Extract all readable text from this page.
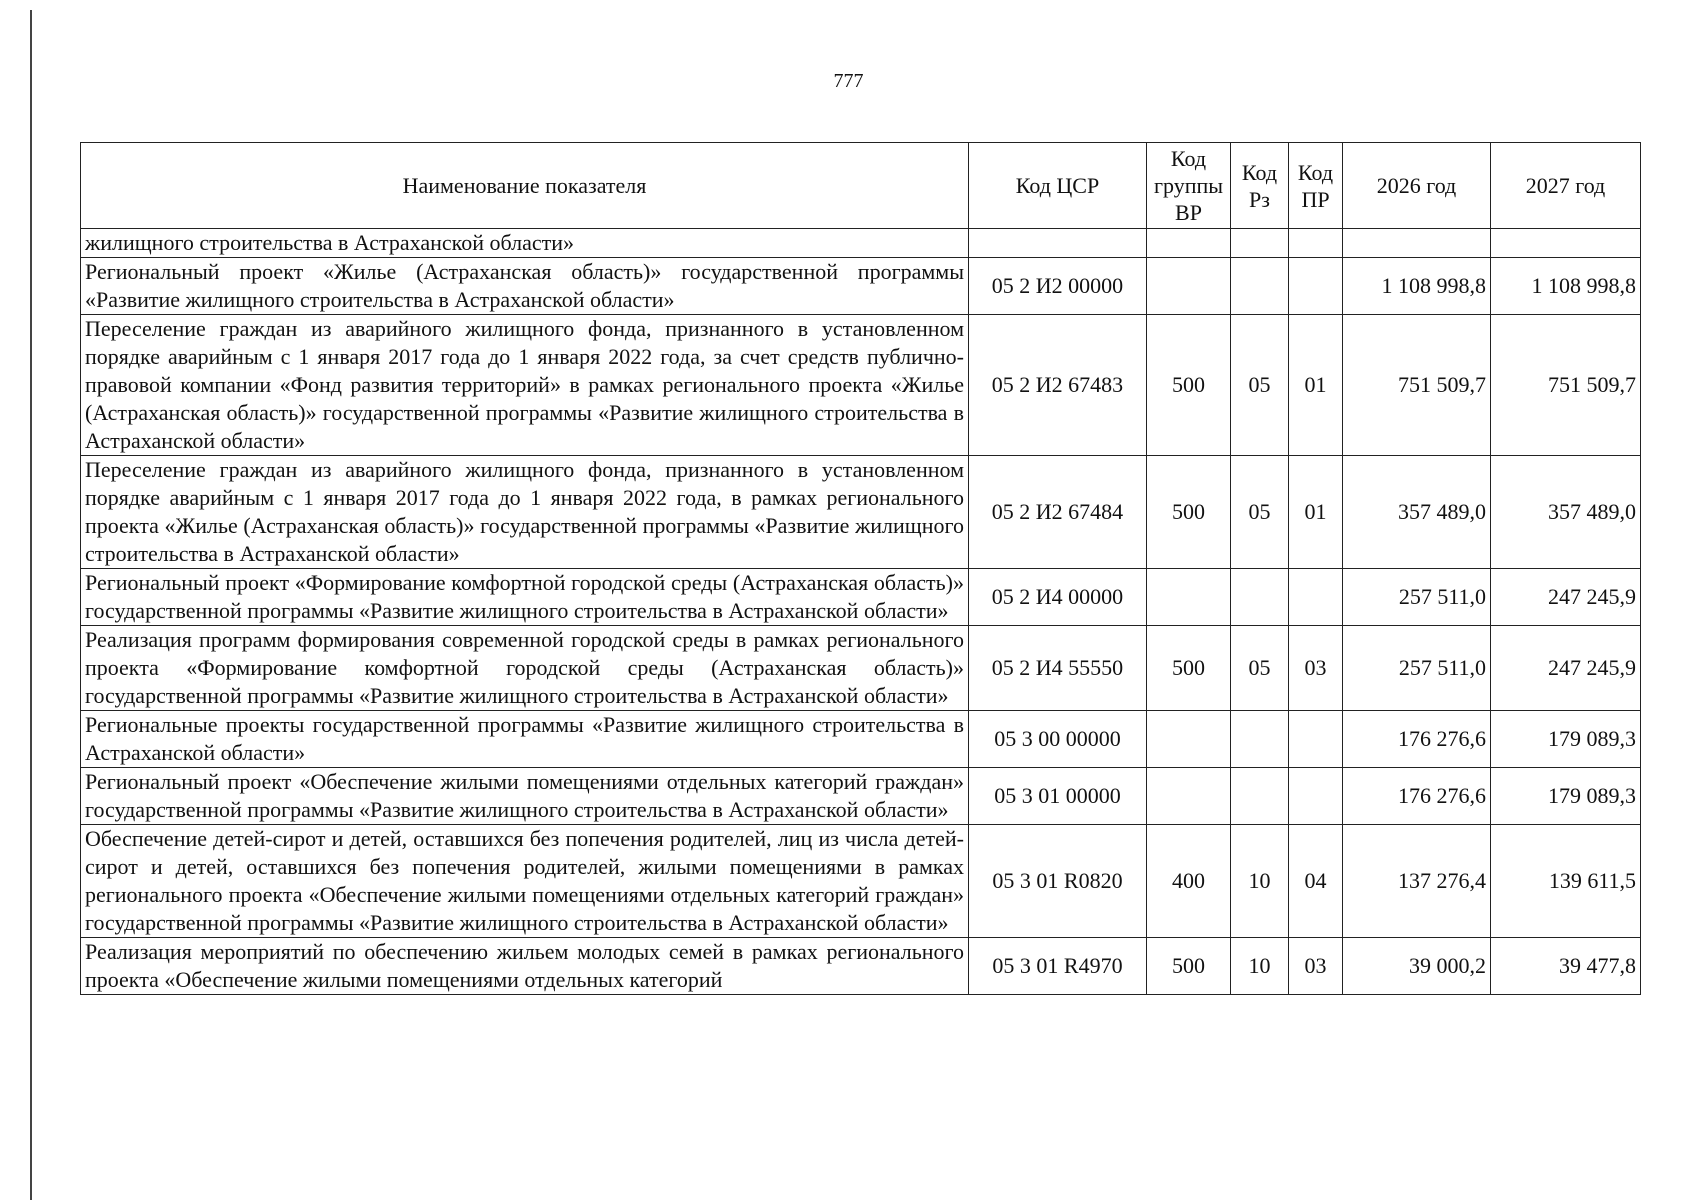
777
Наименование показателя	Код ЦСР	Код группы ВР	Код Рз	Код ПР	2026 год	2027 год
жилищного строительства в Астраханской области»						
Региональный проект «Жилье (Астраханская область)» государственной программы «Развитие жилищного строительства в Астраханской области»	05 2 И2 00000				1 108 998,8	1 108 998,8
Переселение граждан из аварийного жилищного фонда, признанного в установленном порядке аварийным с 1 января 2017 года до 1 января 2022 года, за счет средств публично-правовой компании «Фонд развития территорий» в рамках регионального проекта «Жилье (Астраханская область)» государственной программы «Развитие жилищного строительства в Астраханской области»	05 2 И2 67483	500	05	01	751 509,7	751 509,7
Переселение граждан из аварийного жилищного фонда, признанного в установленном порядке аварийным с 1 января 2017 года до 1 января 2022 года, в рамках регионального проекта «Жилье (Астраханская область)» государственной программы «Развитие жилищного строительства в Астраханской области»	05 2 И2 67484	500	05	01	357 489,0	357 489,0
Региональный проект «Формирование комфортной городской среды (Астраханская область)» государственной программы «Развитие жилищного строительства в Астраханской области»	05 2 И4 00000				257 511,0	247 245,9
Реализация программ формирования современной городской среды в рамках регионального проекта «Формирование комфортной городской среды (Астраханская область)» государственной программы «Развитие жилищного строительства в Астраханской области»	05 2 И4 55550	500	05	03	257 511,0	247 245,9
Региональные проекты государственной программы «Развитие жилищного строительства в Астраханской области»	05 3 00 00000				176 276,6	179 089,3
Региональный проект «Обеспечение жилыми помещениями отдельных категорий граждан» государственной программы «Развитие жилищного строительства в Астраханской области»	05 3 01 00000				176 276,6	179 089,3
Обеспечение детей-сирот и детей, оставшихся без попечения родителей, лиц из числа детей-сирот и детей, оставшихся без попечения родителей, жилыми помещениями в рамках регионального проекта «Обеспечение жилыми помещениями отдельных категорий граждан» государственной программы «Развитие жилищного строительства в Астраханской области»	05 3 01 R0820	400	10	04	137 276,4	139 611,5
Реализация мероприятий по обеспечению жильем молодых семей в рамках регионального проекта «Обеспечение жилыми помещениями отдельных категорий	05 3 01 R4970	500	10	03	39 000,2	39 477,8
